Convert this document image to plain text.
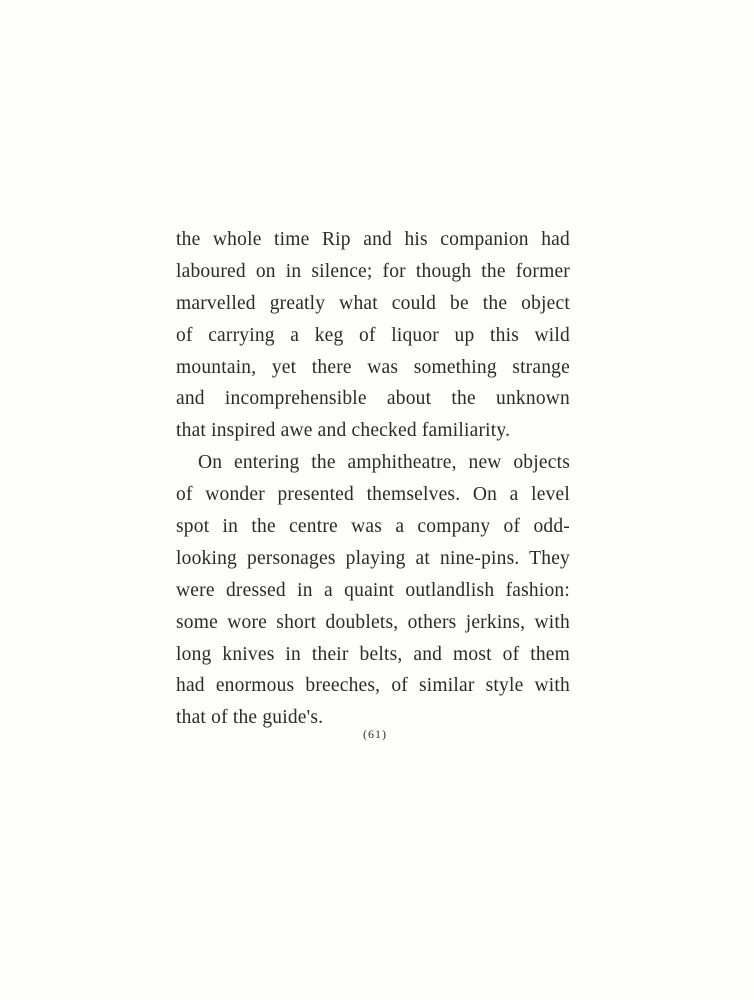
the whole time Rip and his companion had
laboured on in silence; for though the former
marvelled greatly what could be the object
of carrying a keg of liquor up this wild
mountain, yet there was something strange
and incomprehensible about the unknown
that inspired awe and checked familiarity.
On entering the amphitheatre, new objects
of wonder presented themselves. On a level
spot in the centre was a company of odd-
looking personages playing at nine-pins. They
were dressed in a quaint outlandlish fashion:
some wore short doublets, others jerkins, with
long knives in their belts, and most of them
had enormous breeches, of similar style with
that of the guide's.
(61)
